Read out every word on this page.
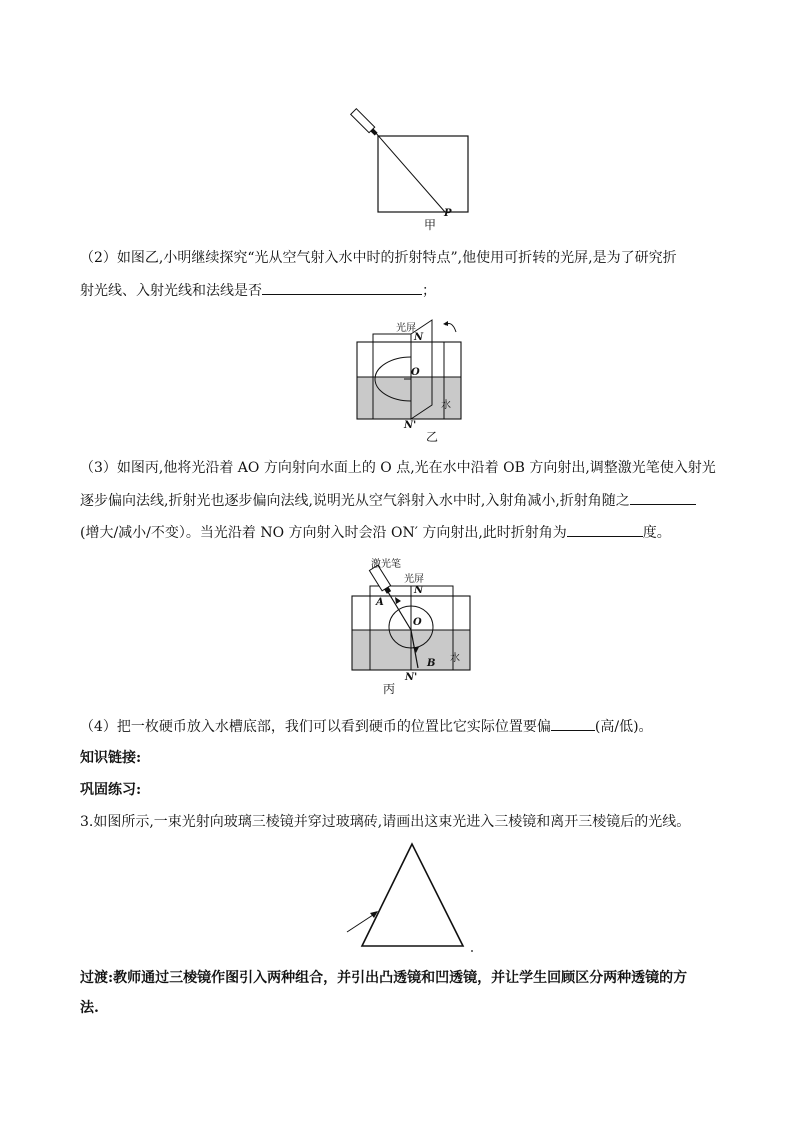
P
甲
（2）如图乙,小明继续探究“光从空气射入水中时的折射特点”,他使用可折转的光屏,是为了研究折
射光线、入射光线和法线是否	；
光屏
N
O
水
N'
乙
（3）如图丙,他将光沿着 AO 方向射向水面上的 O 点,光在水中沿着 OB 方向射出,调整激光笔使入射光
逐步偏向法线,折射光也逐步偏向法线,说明光从空气斜射入水中时,入射角减小,折射角随之
(增大/减小/不变）。当光沿着 NO 方向射入时会沿 ON′ 方向射出,此时折射角为	度。
激光笔
光屏
N
A
O
B 水
N'
丙
（4）把一枚硬币放入水槽底部，我们可以看到硬币的位置比它实际位置要偏	(高/低)。
知识链接:
巩固练习:
3.如图所示,一束光射向玻璃三棱镜并穿过玻璃砖,请画出这束光进入三棱镜和离开三棱镜后的光线。
过渡:教师通过三棱镜作图引入两种组合，并引出凸透镜和凹透镜，并让学生回顾区分两种透镜的方
法.
